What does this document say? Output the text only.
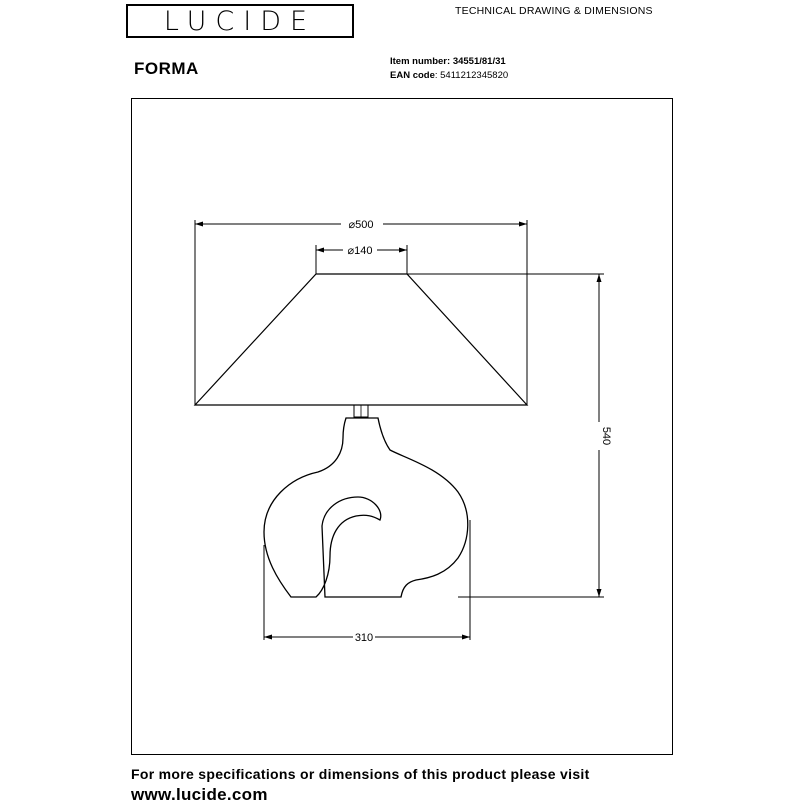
LUCIDE	TECHNICAL DRAWING & DIMENSIONS
FORMA	Item number: 34551/81/31
EAN code: 5411212345820
⌀500
⌀140
540
310
For more specifications or dimensions of this product please visit
www.lucide.com
